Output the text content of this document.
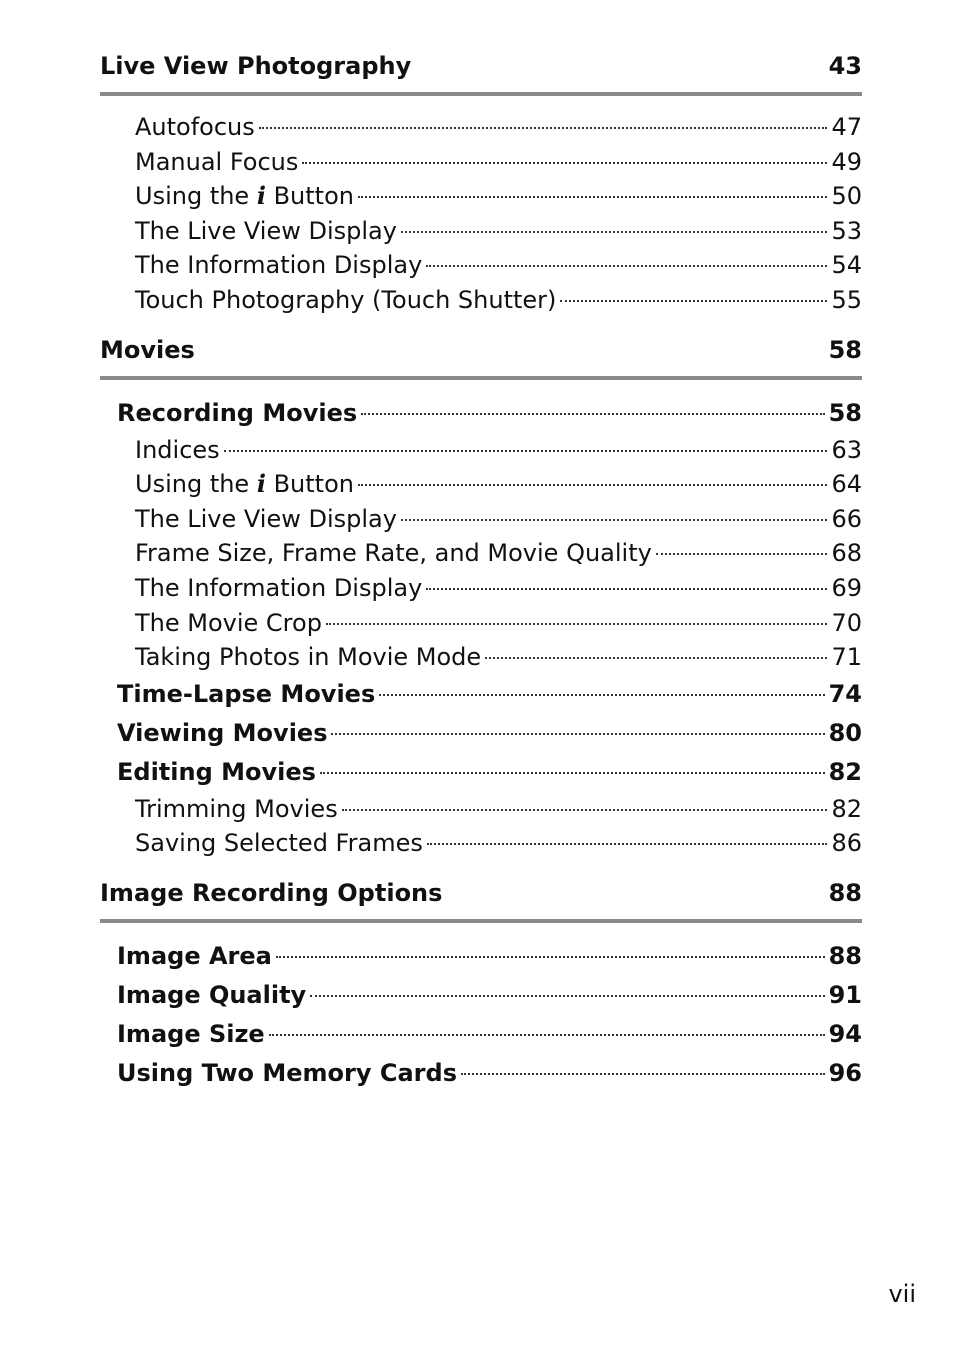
Live View Photography	43
Autofocus	47
Manual Focus	49
Using the i Button	50
The Live View Display	53
The Information Display	54
Touch Photography (Touch Shutter)	55
Movies	58
Recording Movies	58
Indices	63
Using the i Button	64
The Live View Display	66
Frame Size, Frame Rate, and Movie Quality	68
The Information Display	69
The Movie Crop	70
Taking Photos in Movie Mode	71
Time-Lapse Movies	74
Viewing Movies	80
Editing Movies	82
Trimming Movies	82
Saving Selected Frames	86
Image Recording Options	88
Image Area	88
Image Quality	91
Image Size	94
Using Two Memory Cards	96
vii
